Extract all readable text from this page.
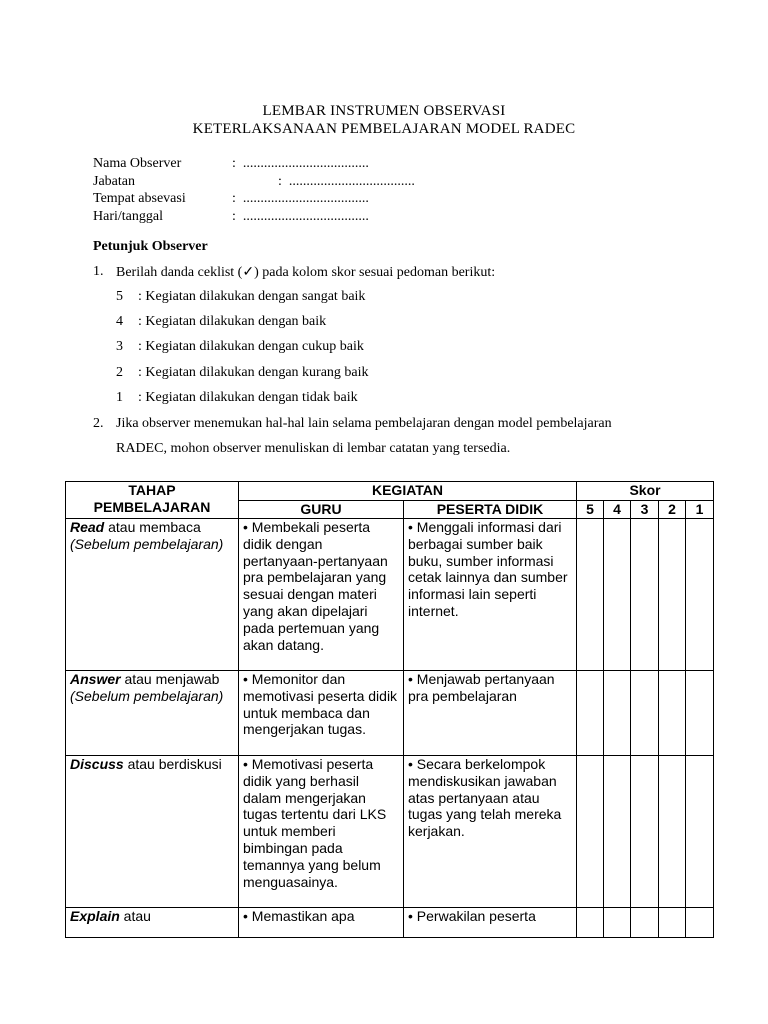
LEMBAR INSTRUMEN OBSERVASI
KETERLAKSANAAN PEMBELAJARAN MODEL RADEC
Nama Observer	: ....................................
Jabatan	: ....................................
Tempat absevasi	: ....................................
Hari/tanggal	: ....................................
Petunjuk Observer
1. Berilah danda ceklist (✓) pada kolom skor sesuai pedoman berikut:
5 : Kegiatan dilakukan dengan sangat baik
4 : Kegiatan dilakukan dengan baik
3 : Kegiatan dilakukan dengan cukup baik
2 : Kegiatan dilakukan dengan kurang baik
1 : Kegiatan dilakukan dengan tidak baik
2. Jika observer menemukan hal-hal lain selama pembelajaran dengan model pembelajaran
RADEC, mohon observer menuliskan di lembar catatan yang tersedia.
TAHAP
PEMBELAJARAN	KEGIATAN		Skor				
	GURU	PESERTA DIDIK	5	4	3	2	1
Read atau membaca
(Sebelum pembelajaran)	• Membekali peserta didik dengan pertanyaan-pertanyaan pra pembelajaran yang sesuai dengan materi yang akan dipelajari pada pertemuan yang akan datang.	• Menggali informasi dari berbagai sumber baik buku, sumber informasi cetak lainnya dan sumber informasi lain seperti internet.					
Answer atau menjawab
(Sebelum pembelajaran)	• Memonitor dan memotivasi peserta didik untuk membaca dan mengerjakan tugas.	• Menjawab pertanyaan pra pembelajaran					
Discuss atau berdiskusi	• Memotivasi peserta didik yang berhasil dalam mengerjakan tugas tertentu dari LKS untuk memberi bimbingan pada temannya yang belum menguasainya.	• Secara berkelompok mendiskusikan jawaban atas pertanyaan atau tugas yang telah mereka kerjakan.					
Explain atau	• Memastikan apa	• Perwakilan peserta					
